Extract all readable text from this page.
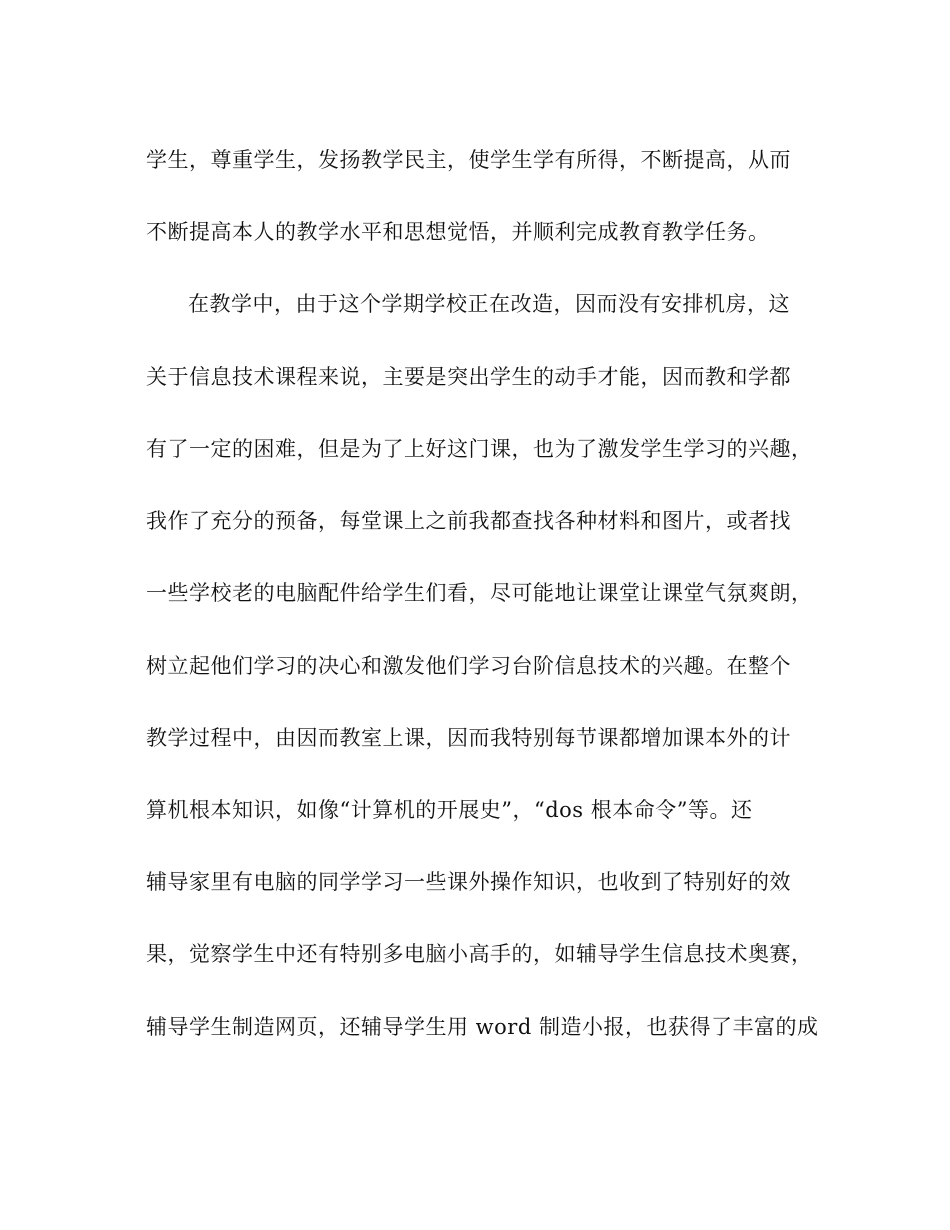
学生，尊重学生，发扬教学民主，使学生学有所得，不断提高，从而
不断提高本人的教学水平和思想觉悟，并顺利完成教育教学任务。
在教学中，由于这个学期学校正在改造，因而没有安排机房，这
关于信息技术课程来说，主要是突出学生的动手才能，因而教和学都
有了一定的困难，但是为了上好这门课，也为了激发学生学习的兴趣，
我作了充分的预备，每堂课上之前我都查找各种材料和图片，或者找
一些学校老的电脑配件给学生们看，尽可能地让课堂让课堂气氛爽朗，
树立起他们学习的决心和激发他们学习台阶信息技术的兴趣。在整个
教学过程中，由因而教室上课，因而我特别每节课都增加课本外的计
算机根本知识，如像“计算机的开展史”，“dos 根本命令”等。还
辅导家里有电脑的同学学习一些课外操作知识，也收到了特别好的效
果，觉察学生中还有特别多电脑小高手的，如辅导学生信息技术奥赛，
辅导学生制造网页，还辅导学生用 word 制造小报，也获得了丰富的成
